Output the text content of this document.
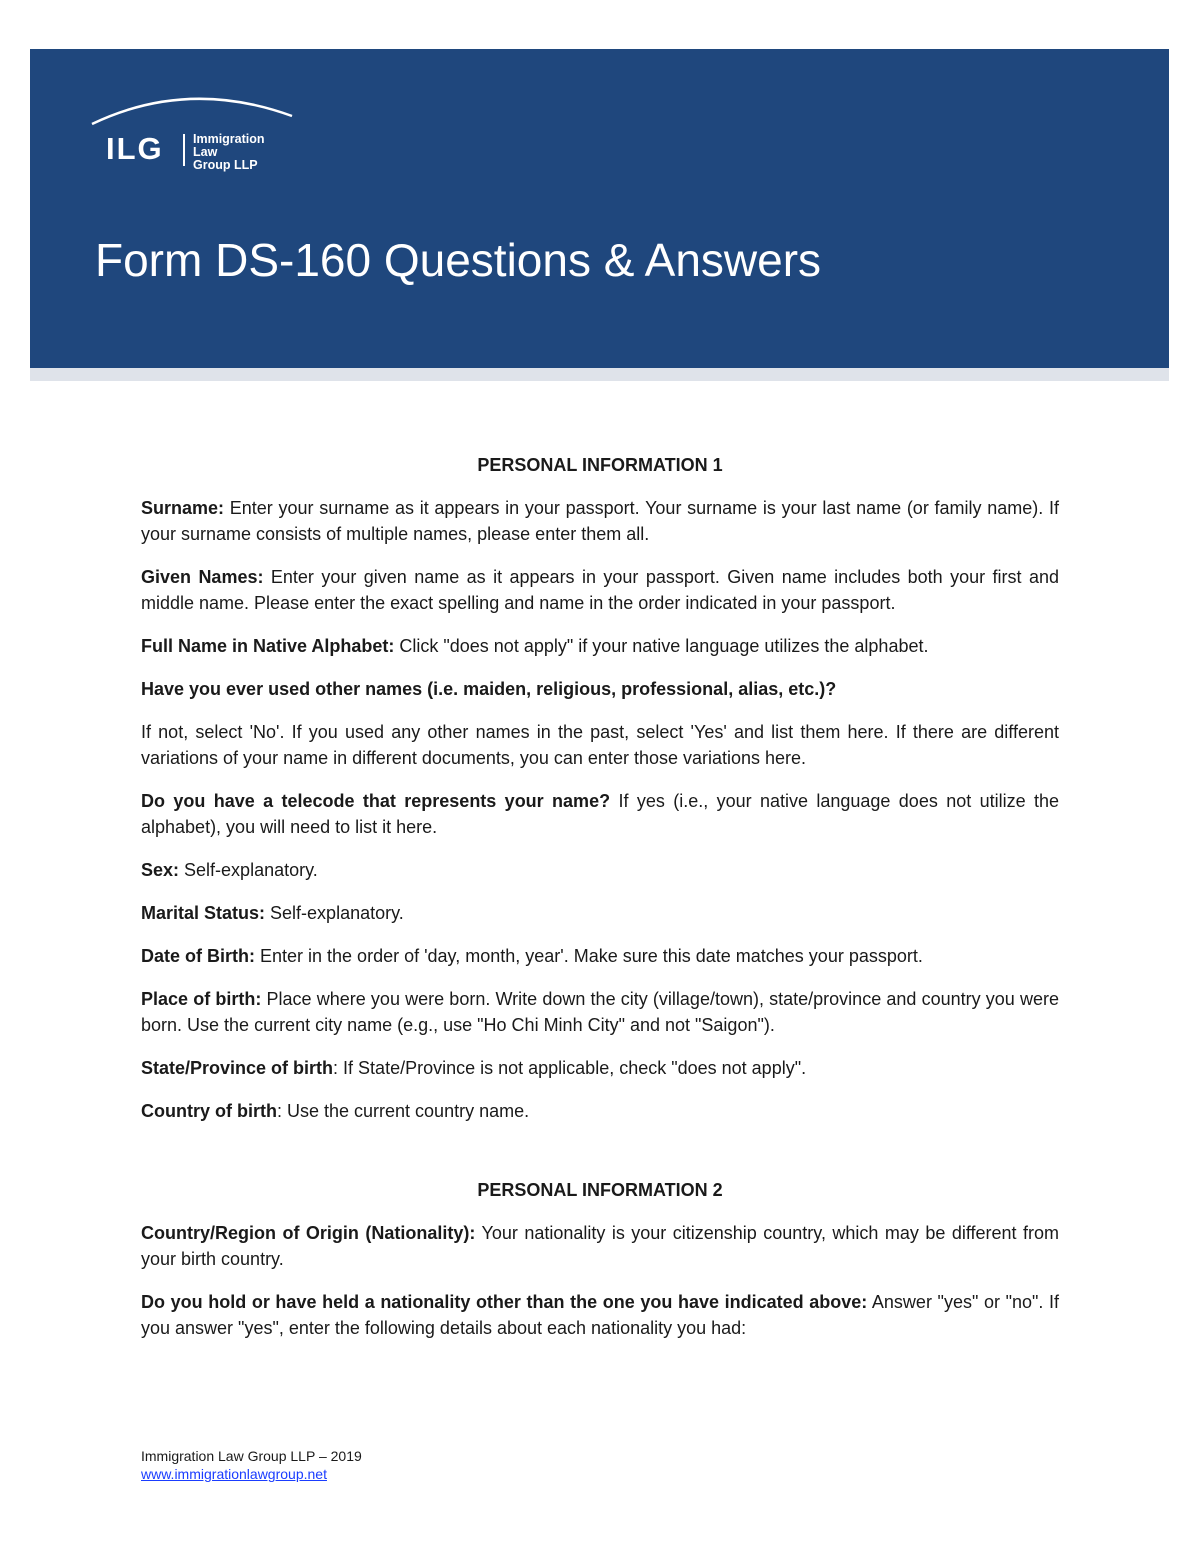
ILG Immigration
Law
Group LLP
Form DS-160 Questions & Answers
PERSONAL INFORMATION 1

Surname: Enter your surname as it appears in your passport. Your surname is your last name (or family name). If your surname consists of multiple names, please enter them all.

Given Names: Enter your given name as it appears in your passport. Given name includes both your first and middle name. Please enter the exact spelling and name in the order indicated in your passport.

Full Name in Native Alphabet: Click "does not apply" if your native language utilizes the alphabet.

Have you ever used other names (i.e. maiden, religious, professional, alias, etc.)?

If not, select 'No'. If you used any other names in the past, select 'Yes' and list them here. If there are different variations of your name in different documents, you can enter those variations here.

Do you have a telecode that represents your name? If yes (i.e., your native language does not utilize the alphabet), you will need to list it here.

Sex: Self-explanatory.

Marital Status: Self-explanatory.

Date of Birth: Enter in the order of 'day, month, year'. Make sure this date matches your passport.

Place of birth: Place where you were born. Write down the city (village/town), state/province and country you were born. Use the current city name (e.g., use "Ho Chi Minh City" and not "Saigon").

State/Province of birth: If State/Province is not applicable, check "does not apply".

Country of birth: Use the current country name.

PERSONAL INFORMATION 2

Country/Region of Origin (Nationality): Your nationality is your citizenship country, which may be different from your birth country.

Do you hold or have held a nationality other than the one you have indicated above: Answer "yes" or "no". If you answer "yes", enter the following details about each nationality you had:

Immigration Law Group LLP – 2019
www.immigrationlawgroup.net
